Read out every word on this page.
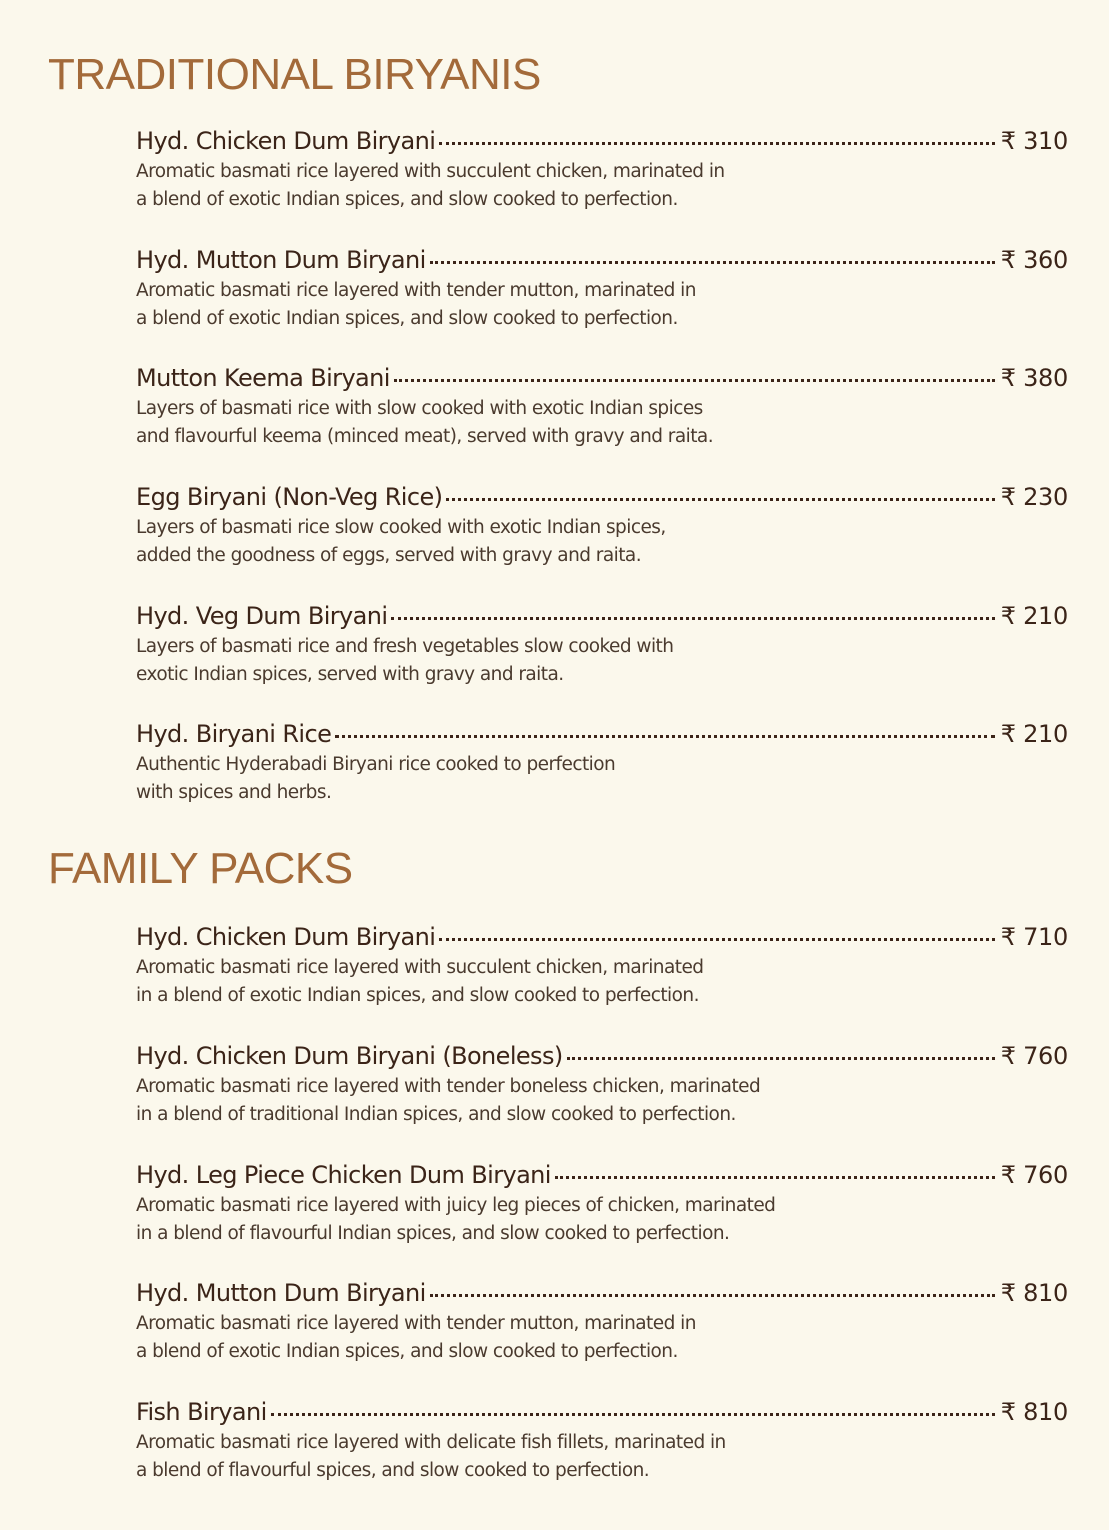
TRADITIONAL BIRYANIS
Hyd. Chicken Dum Biryani	₹ 310
Aromatic basmati rice layered with succulent chicken, marinated in
a blend of exotic Indian spices, and slow cooked to perfection.
Hyd. Mutton Dum Biryani	₹ 360
Aromatic basmati rice layered with tender mutton, marinated in
a blend of exotic Indian spices, and slow cooked to perfection.
Mutton Keema Biryani	₹ 380
Layers of basmati rice with slow cooked with exotic Indian spices
and flavourful keema (minced meat), served with gravy and raita.
Egg Biryani (Non-Veg Rice)	₹ 230
Layers of basmati rice slow cooked with exotic Indian spices,
added the goodness of eggs, served with gravy and raita.
Hyd. Veg Dum Biryani	₹ 210
Layers of basmati rice and fresh vegetables slow cooked with
exotic Indian spices, served with gravy and raita.
Hyd. Biryani Rice	₹ 210
Authentic Hyderabadi Biryani rice cooked to perfection
with spices and herbs.
FAMILY PACKS
Hyd. Chicken Dum Biryani	₹ 710
Aromatic basmati rice layered with succulent chicken, marinated
in a blend of exotic Indian spices, and slow cooked to perfection.
Hyd. Chicken Dum Biryani (Boneless)	₹ 760
Aromatic basmati rice layered with tender boneless chicken, marinated
in a blend of traditional Indian spices, and slow cooked to perfection.
Hyd. Leg Piece Chicken Dum Biryani	₹ 760
Aromatic basmati rice layered with juicy leg pieces of chicken, marinated
in a blend of flavourful Indian spices, and slow cooked to perfection.
Hyd. Mutton Dum Biryani	₹ 810
Aromatic basmati rice layered with tender mutton, marinated in
a blend of exotic Indian spices, and slow cooked to perfection.
Fish Biryani	₹ 810
Aromatic basmati rice layered with delicate fish fillets, marinated in
a blend of flavourful spices, and slow cooked to perfection.
